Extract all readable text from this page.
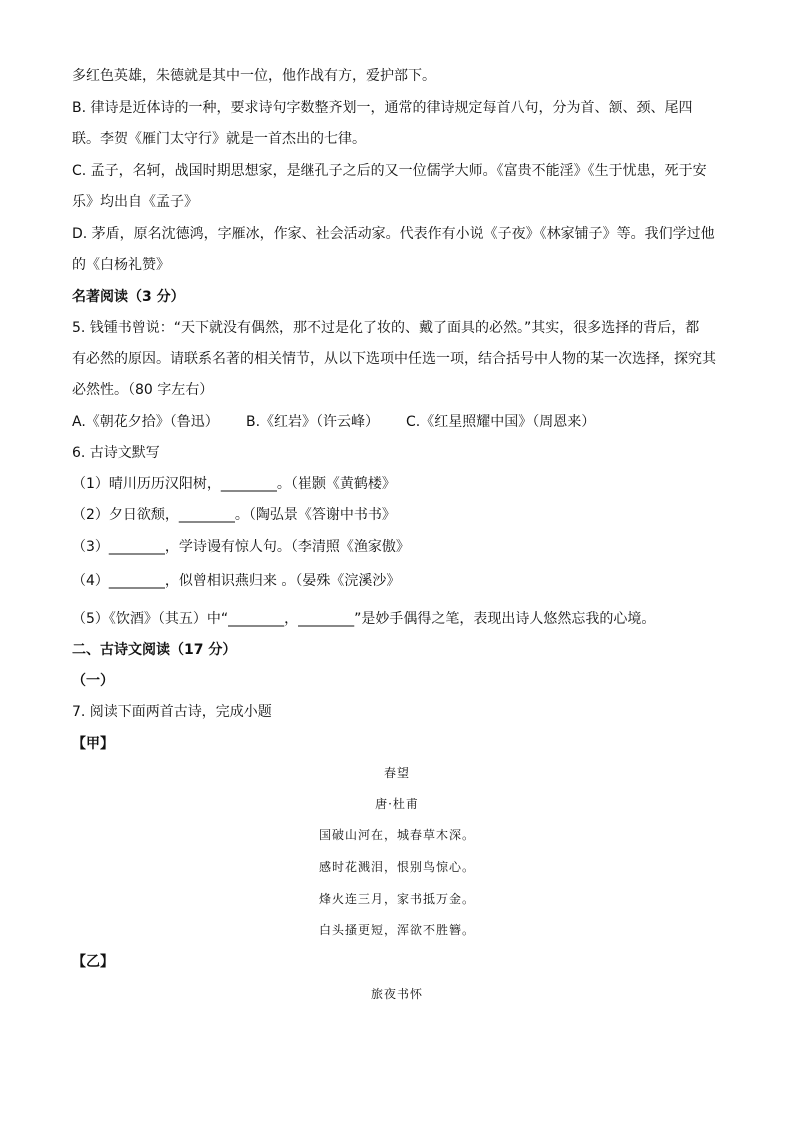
多红色英雄，朱德就是其中一位，他作战有方，爱护部下。
B. 律诗是近体诗的一种，要求诗句字数整齐划一，通常的律诗规定每首八句，分为首、颔、颈、尾四
联。李贺《雁门太守行》就是一首杰出的七律。
C. 孟子，名轲，战国时期思想家，是继孔子之后的又一位儒学大师。《富贵不能淫》《生于忧患，死于安
乐》均出自《孟子》
D. 茅盾，原名沈德鸿，字雁冰，作家、社会活动家。代表作有小说《子夜》《林家铺子》等。我们学过他
的《白杨礼赞》
名著阅读（3 分）
5. 钱锺书曾说：“天下就没有偶然，那不过是化了妆的、戴了面具的必然。”其实，很多选择的背后，都
有必然的原因。请联系名著的相关情节，从以下选项中任选一项，结合括号中人物的某一次选择，探究其
必然性。（80 字左右）
A.《朝花夕拾》（鲁迅） B.《红岩》（许云峰） C.《红星照耀中国》（周恩来）
6. 古诗文默写
（1）晴川历历汉阳树，________。（崔颢《黄鹤楼》
（2）夕日欲颓，________。（陶弘景《答谢中书书》
（3）________，学诗谩有惊人句。（李清照《渔家傲》
（4）________，似曾相识燕归来 。（晏殊《浣溪沙》
（5）《饮酒》（其五）中“________，________”是妙手偶得之笔，表现出诗人悠然忘我的心境。
二、古诗文阅读（17 分）
（一）
7. 阅读下面两首古诗，完成小题
【甲】
春望
唐·杜甫
国破山河在，城春草木深。
感时花溅泪，恨别鸟惊心。
烽火连三月，家书抵万金。
白头搔更短，浑欲不胜簪。
【乙】
旅夜书怀
